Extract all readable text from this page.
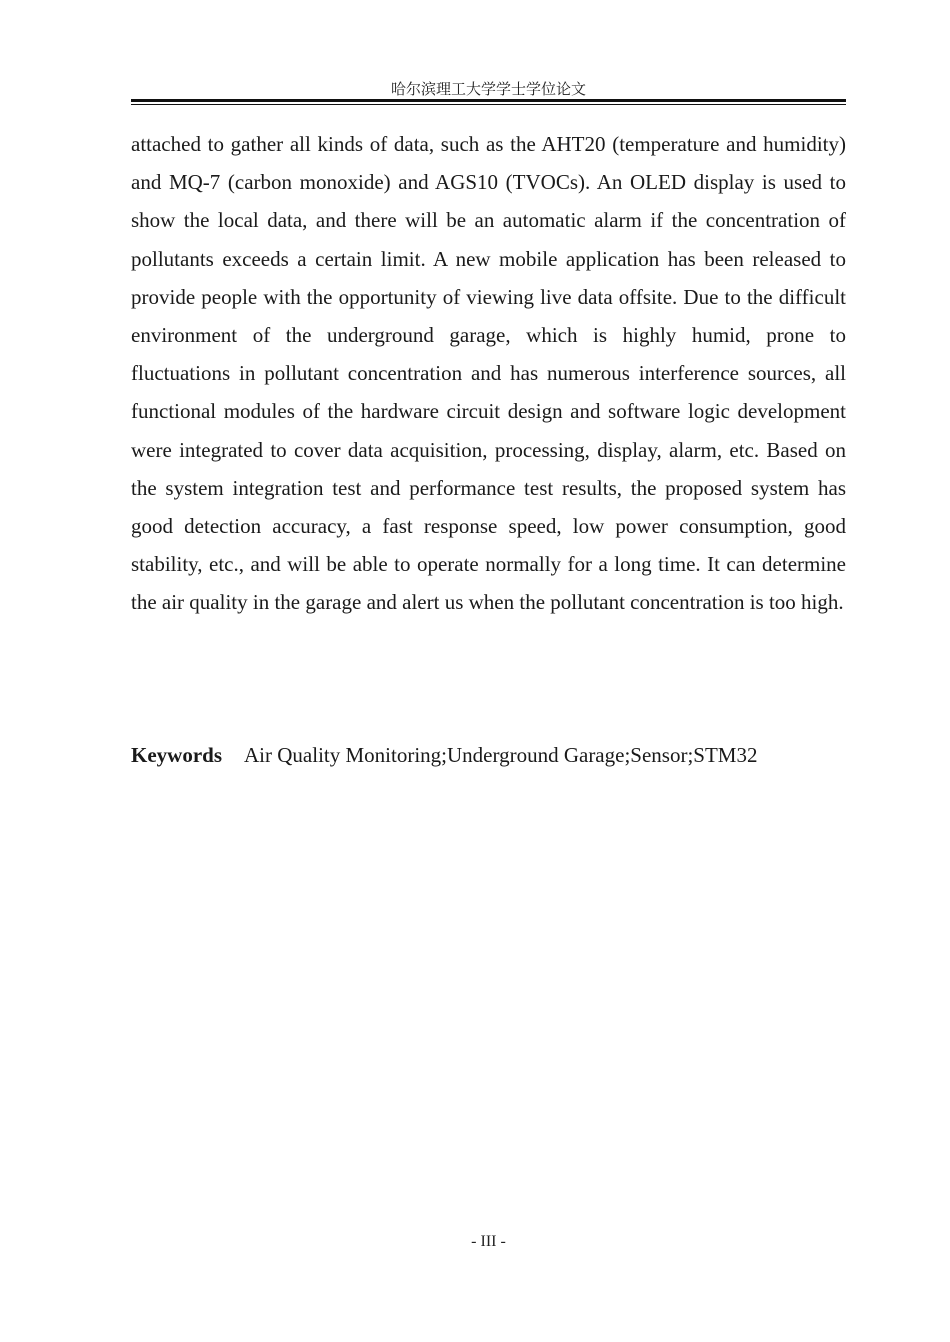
哈尔滨理工大学学士学位论文

attached to gather all kinds of data, such as the AHT20 (temperature and humidity) and MQ-7 (carbon monoxide) and AGS10 (TVOCs). An OLED display is used to show the local data, and there will be an automatic alarm if the concentration of pollutants exceeds a certain limit. A new mobile application has been released to provide people with the opportunity of viewing live data offsite. Due to the difficult environment of the underground garage, which is highly humid, prone to fluctuations in pollutant concentration and has numerous interference sources, all functional modules of the hardware circuit design and software logic development were integrated to cover data acquisition, processing, display, alarm, etc. Based on the system integration test and performance test results, the proposed system has good detection accuracy, a fast response speed, low power consumption, good stability, etc., and will be able to operate normally for a long time. It can determine the air quality in the garage and alert us when the pollutant concentration is too high.

Keywords Air Quality Monitoring;Underground Garage;Sensor;STM32
- III -
